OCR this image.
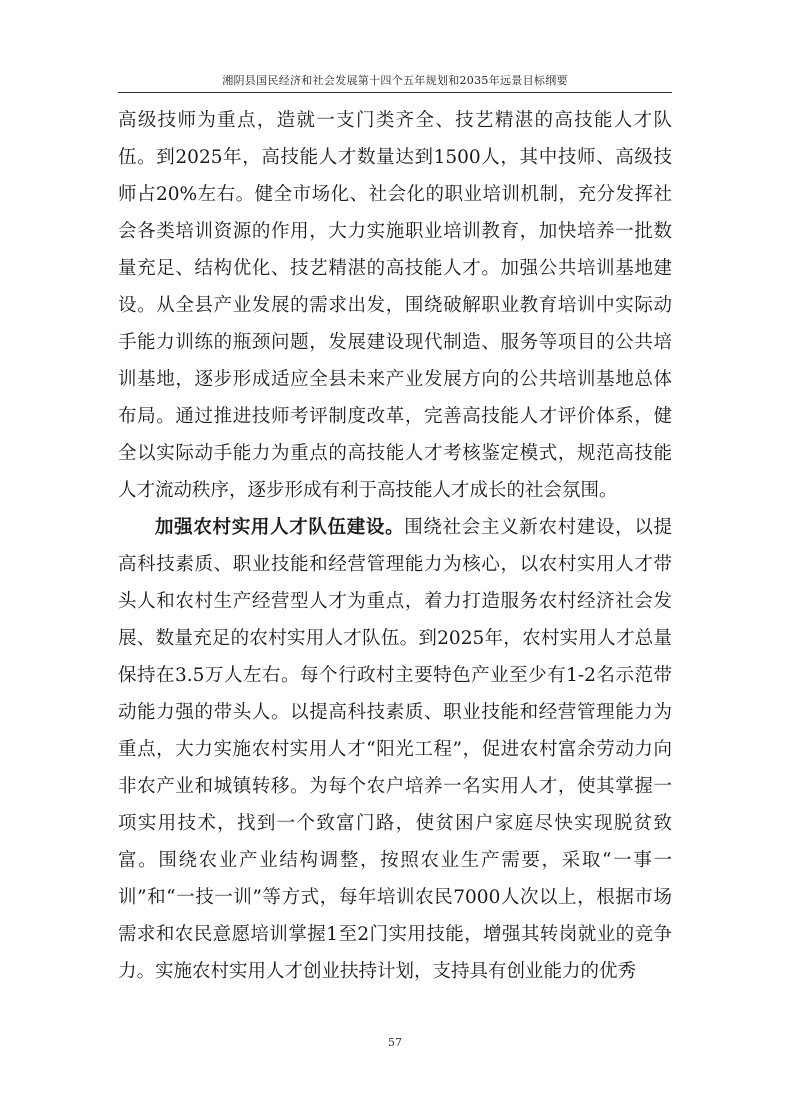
湘阴县国民经济和社会发展第十四个五年规划和2035年远景目标纲要

高级技师为重点，造就一支门类齐全、技艺精湛的高技能人才队伍。到2025年，高技能人才数量达到1500人，其中技师、高级技师占20%左右。健全市场化、社会化的职业培训机制，充分发挥社会各类培训资源的作用，大力实施职业培训教育，加快培养一批数量充足、结构优化、技艺精湛的高技能人才。加强公共培训基地建设。从全县产业发展的需求出发，围绕破解职业教育培训中实际动手能力训练的瓶颈问题，发展建设现代制造、服务等项目的公共培训基地，逐步形成适应全县未来产业发展方向的公共培训基地总体布局。通过推进技师考评制度改革，完善高技能人才评价体系，健全以实际动手能力为重点的高技能人才考核鉴定模式，规范高技能人才流动秩序，逐步形成有利于高技能人才成长的社会氛围。

加强农村实用人才队伍建设。围绕社会主义新农村建设，以提高科技素质、职业技能和经营管理能力为核心，以农村实用人才带头人和农村生产经营型人才为重点，着力打造服务农村经济社会发展、数量充足的农村实用人才队伍。到2025年，农村实用人才总量保持在3.5万人左右。每个行政村主要特色产业至少有1-2名示范带动能力强的带头人。以提高科技素质、职业技能和经营管理能力为重点，大力实施农村实用人才“阳光工程”，促进农村富余劳动力向非农产业和城镇转移。为每个农户培养一名实用人才，使其掌握一项实用技术，找到一个致富门路，使贫困户家庭尽快实现脱贫致富。围绕农业产业结构调整，按照农业生产需要，采取“一事一训”和“一技一训”等方式，每年培训农民7000人次以上，根据市场需求和农民意愿培训掌握1至2门实用技能，增强其转岗就业的竞争力。实施农村实用人才创业扶持计划，支持具有创业能力的优秀

57
